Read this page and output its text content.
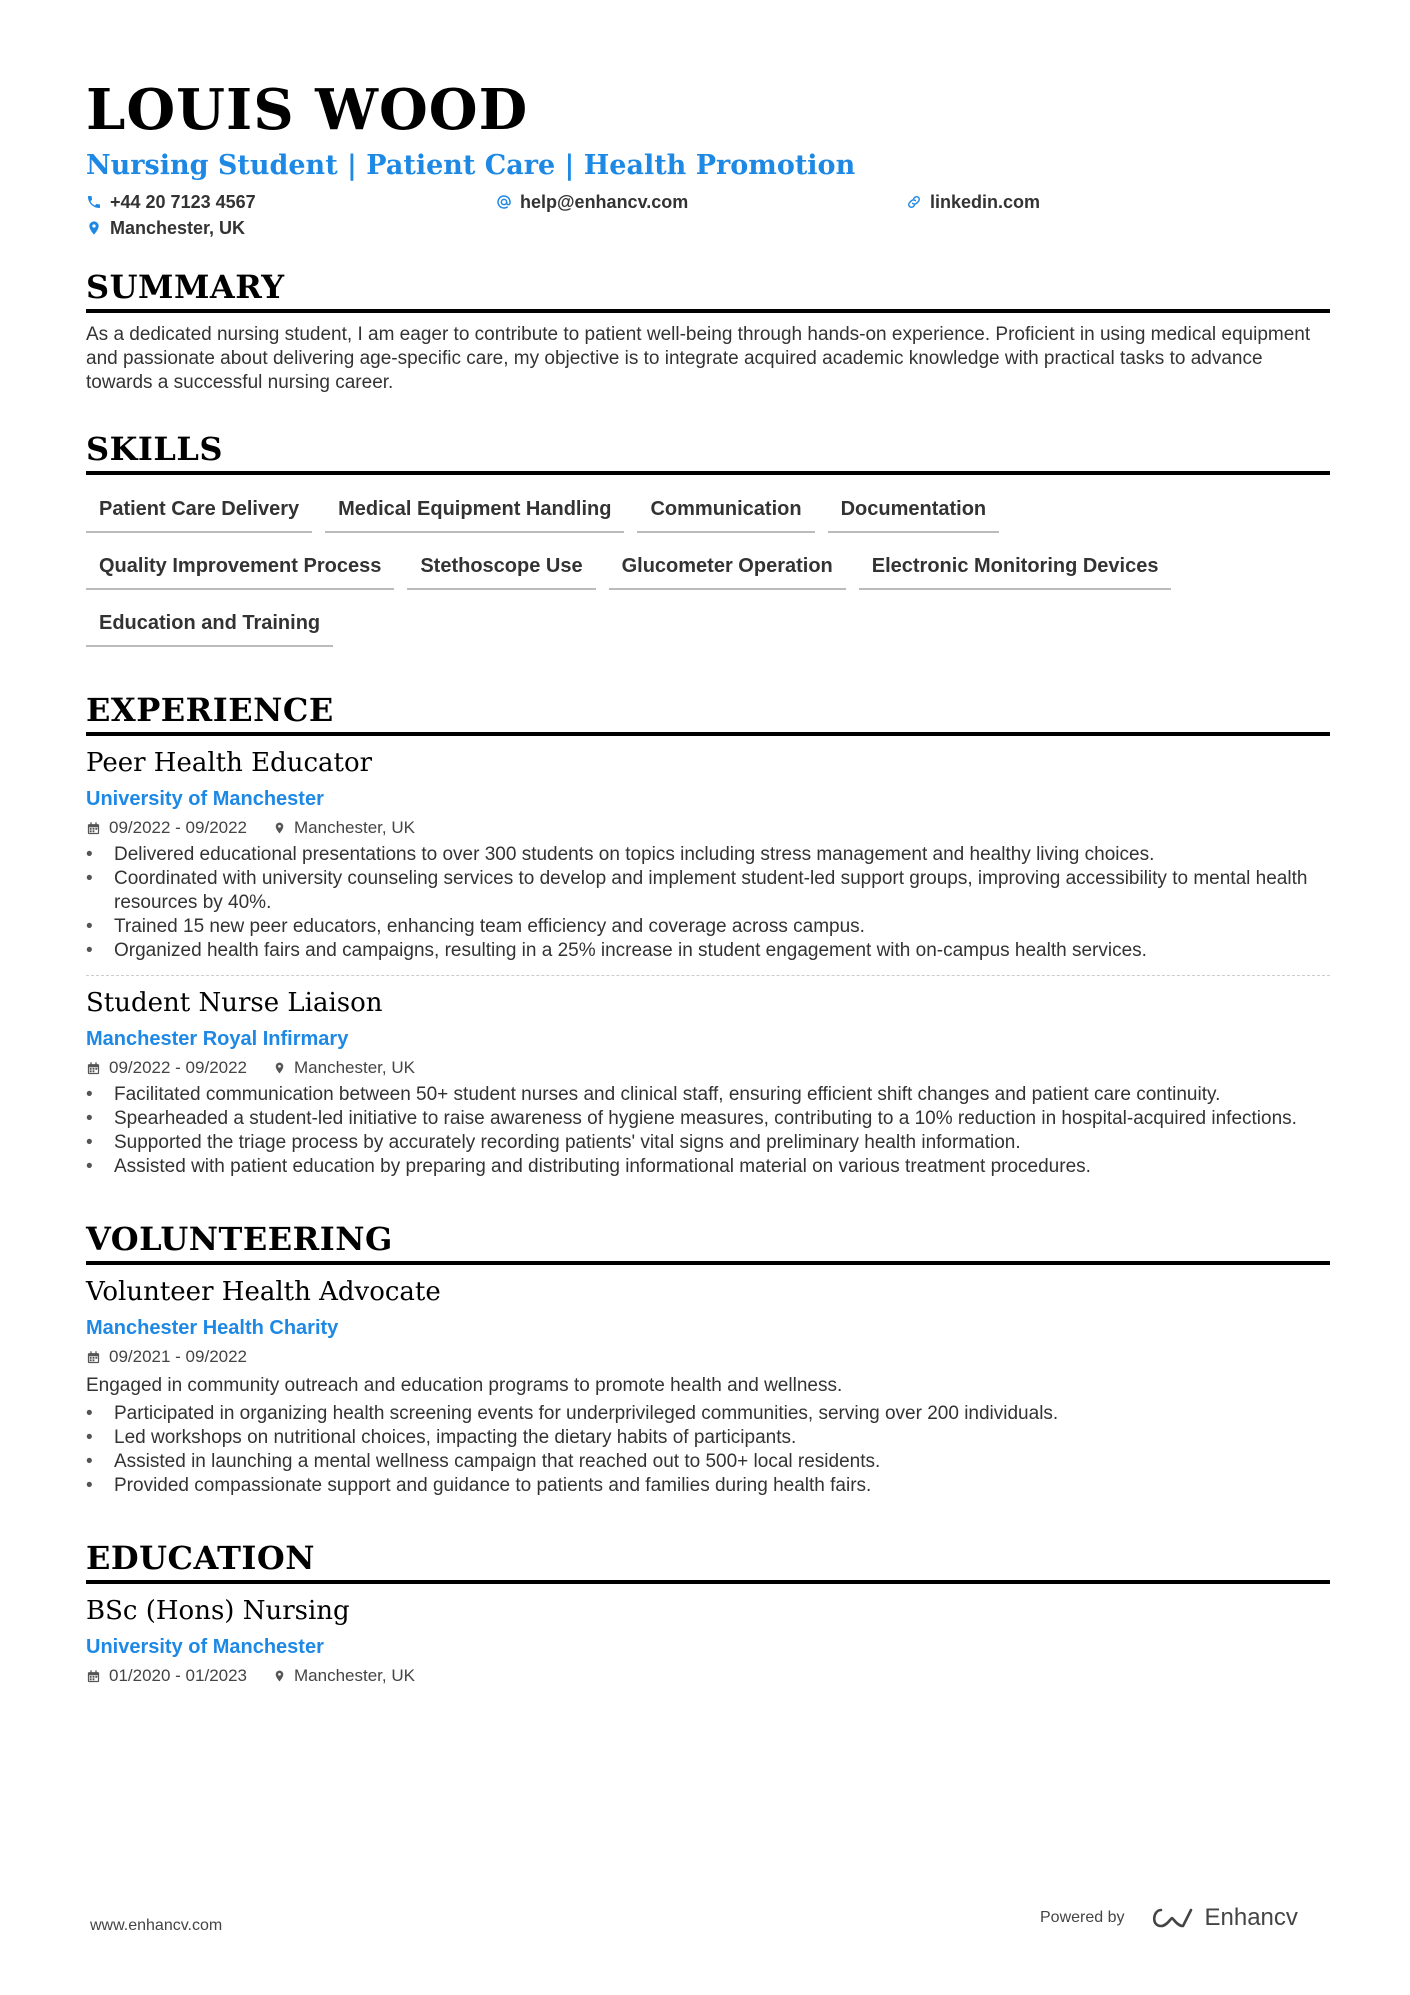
LOUIS WOOD
Nursing Student | Patient Care | Health Promotion
+44 20 7123 4567	help@enhancv.com	linkedin.com
Manchester, UK
SUMMARY
As a dedicated nursing student, I am eager to contribute to patient well-being through hands-on experience. Proficient in using medical equipment and passionate about delivering age-specific care, my objective is to integrate acquired academic knowledge with practical tasks to advance towards a successful nursing career.
SKILLS
Patient Care Delivery	Medical Equipment Handling	Communication	Documentation
Quality Improvement Process	Stethoscope Use	Glucometer Operation	Electronic Monitoring Devices
Education and Training
EXPERIENCE
Peer Health Educator
University of Manchester
09/2022 - 09/2022	Manchester, UK
• Delivered educational presentations to over 300 students on topics including stress management and healthy living choices.
• Coordinated with university counseling services to develop and implement student-led support groups, improving accessibility to mental health resources by 40%.
• Trained 15 new peer educators, enhancing team efficiency and coverage across campus.
• Organized health fairs and campaigns, resulting in a 25% increase in student engagement with on-campus health services.
Student Nurse Liaison
Manchester Royal Infirmary
09/2022 - 09/2022	Manchester, UK
• Facilitated communication between 50+ student nurses and clinical staff, ensuring efficient shift changes and patient care continuity.
• Spearheaded a student-led initiative to raise awareness of hygiene measures, contributing to a 10% reduction in hospital-acquired infections.
• Supported the triage process by accurately recording patients' vital signs and preliminary health information.
• Assisted with patient education by preparing and distributing informational material on various treatment procedures.
VOLUNTEERING
Volunteer Health Advocate
Manchester Health Charity
09/2021 - 09/2022
Engaged in community outreach and education programs to promote health and wellness.
• Participated in organizing health screening events for underprivileged communities, serving over 200 individuals.
• Led workshops on nutritional choices, impacting the dietary habits of participants.
• Assisted in launching a mental wellness campaign that reached out to 500+ local residents.
• Provided compassionate support and guidance to patients and families during health fairs.
EDUCATION
BSc (Hons) Nursing
University of Manchester
01/2020 - 01/2023	Manchester, UK
www.enhancv.com	Powered by	Enhancv
